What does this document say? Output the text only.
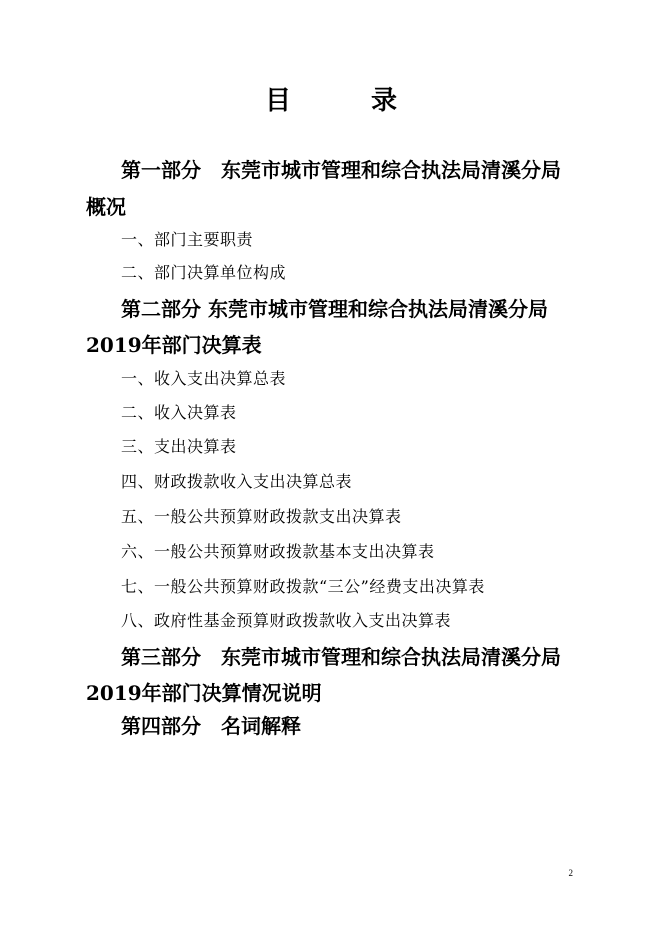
目	录
第一部分　东莞市城市管理和综合执法局清溪分局
概况
一、部门主要职责
二、部门决算单位构成
第二部分 东莞市城市管理和综合执法局清溪分局
2019年部门决算表
一、收入支出决算总表
二、收入决算表
三、支出决算表
四、财政拨款收入支出决算总表
五、一般公共预算财政拨款支出决算表
六、一般公共预算财政拨款基本支出决算表
七、一般公共预算财政拨款“三公”经费支出决算表
八、政府性基金预算财政拨款收入支出决算表
第三部分　东莞市城市管理和综合执法局清溪分局
2019年部门决算情况说明
第四部分　名词解释
2
